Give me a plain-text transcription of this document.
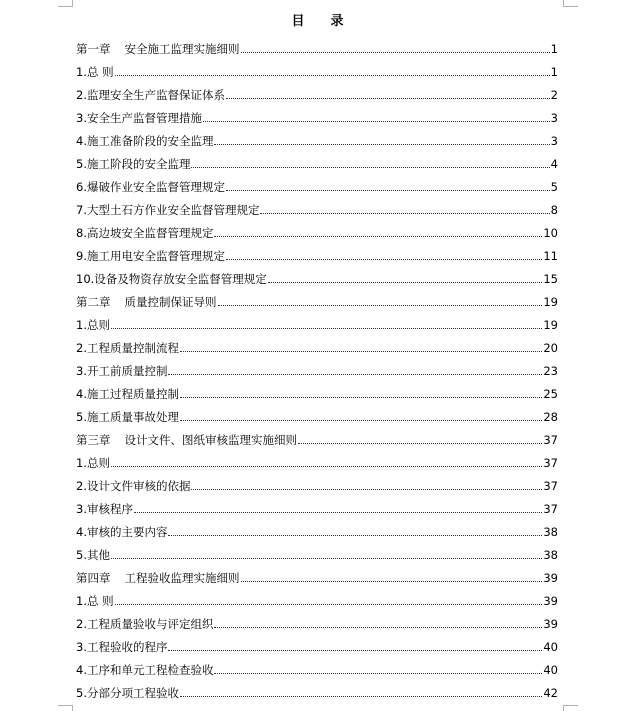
目 录
第一章 安全施工监理实施细则	1
1. 总 则	1
2. 监理安全生产监督保证体系	2
3. 安全生产监督管理措施	3
4. 施工准备阶段的安全监理	3
5. 施工阶段的安全监理	4
6. 爆破作业安全监督管理规定	5
7. 大型土石方作业安全监督管理规定	8
8. 高边坡安全监督管理规定	10
9. 施工用电安全监督管理规定	11
10. 设备及物资存放安全监督管理规定	15
第二章 质量控制保证导则	19
1. 总则	19
2. 工程质量控制流程	20
3. 开工前质量控制	23
4. 施工过程质量控制	25
5. 施工质量事故处理	28
第三章 设计文件、图纸审核监理实施细则	37
1. 总则	37
2. 设计文件审核的依据	37
3. 审核程序	37
4. 审核的主要内容	38
5. 其他	38
第四章 工程验收监理实施细则	39
1. 总 则	39
2. 工程质量验收与评定组织	39
3. 工程验收的程序	40
4. 工序和单元工程检查验收	40
5. 分部分项工程验收	42
